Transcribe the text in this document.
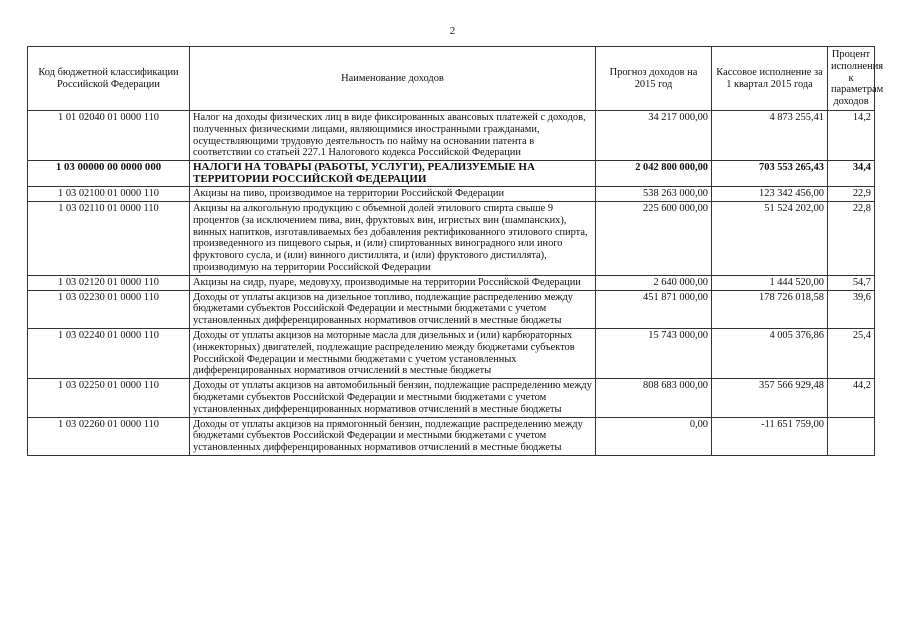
2
Код бюджетной классификации Российской Федерации	Наименование доходов	Прогноз доходов на 2015 год	Кассовое исполнение за 1 квартал 2015 года	Процент исполнения к параметрам доходов
1 01 02040 01 0000 110	Налог на доходы физических лиц в виде фиксированных авансовых платежей с доходов, полученных физическими лицами, являющимися иностранными гражданами, осуществляющими трудовую деятельность по найму на основании патента в соответствии со статьей 227.1 Налогового кодекса Российской Федерации	34 217 000,00	4 873 255,41	14,2
1 03 00000 00 0000 000	НАЛОГИ НА ТОВАРЫ (РАБОТЫ, УСЛУГИ), РЕАЛИЗУЕМЫЕ НА ТЕРРИТОРИИ РОССИЙСКОЙ ФЕДЕРАЦИИ	2 042 800 000,00	703 553 265,43	34,4
1 03 02100 01 0000 110	Акцизы на пиво, производимое на территории Российской Федерации	538 263 000,00	123 342 456,00	22,9
1 03 02110 01 0000 110	Акцизы на алкогольную продукцию с объемной долей этилового спирта свыше 9 процентов (за исключением пива, вин, фруктовых вин, игристых вин (шампанских), винных напитков, изготавливаемых без добавления ректификованного этилового спирта, произведенного из пищевого сырья, и (или) спиртованных виноградного или иного фруктового сусла, и (или) винного дистиллята, и (или) фруктового дистиллята), производимую на территории Российской Федерации	225 600 000,00	51 524 202,00	22,8
1 03 02120 01 0000 110	Акцизы на сидр, пуаре, медовуху, производимые на территории Российской Федерации	2 640 000,00	1 444 520,00	54,7
1 03 02230 01 0000 110	Доходы от уплаты акцизов на дизельное топливо, подлежащие распределению между бюджетами субъектов Российской Федерации и местными бюджетами с учетом установленных дифференцированных нормативов отчислений в местные бюджеты	451 871 000,00	178 726 018,58	39,6
1 03 02240 01 0000 110	Доходы от уплаты акцизов на моторные масла для дизельных и (или) карбюраторных (инжекторных) двигателей, подлежащие распределению между бюджетами субъектов Российской Федерации и местными бюджетами с учетом установленных дифференцированных нормативов отчислений в местные бюджеты	15 743 000,00	4 005 376,86	25,4
1 03 02250 01 0000 110	Доходы от уплаты акцизов на автомобильный бензин, подлежащие распределению между бюджетами субъектов Российской Федерации и местными бюджетами с учетом установленных дифференцированных нормативов отчислений в местные бюджеты	808 683 000,00	357 566 929,48	44,2
1 03 02260 01 0000 110	Доходы от уплаты акцизов на прямогонный бензин, подлежащие распределению между бюджетами субъектов Российской Федерации и местными бюджетами с учетом установленных дифференцированных нормативов отчислений в местные бюджеты	0,00	-11 651 759,00	
